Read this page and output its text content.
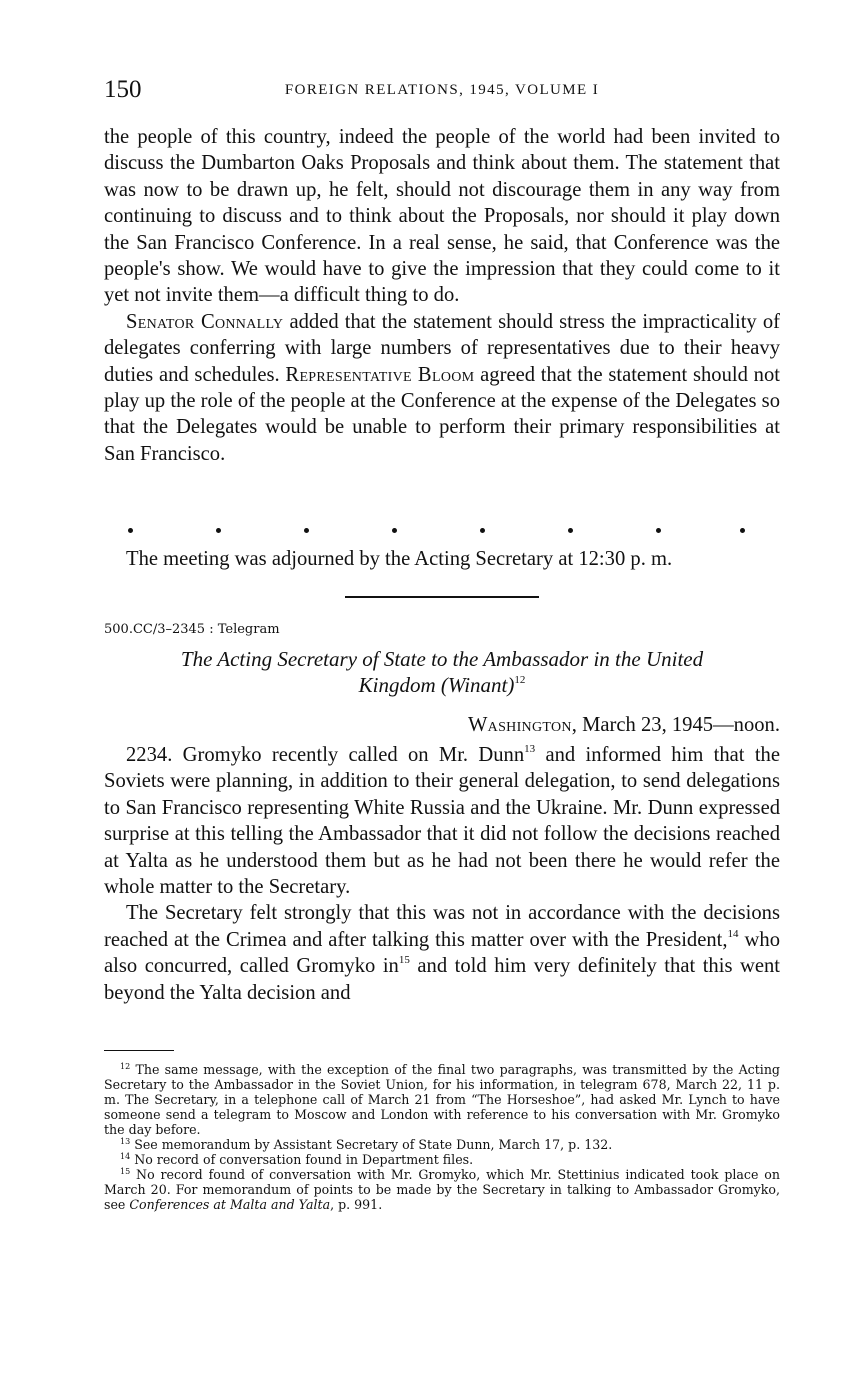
150	FOREIGN RELATIONS, 1945, VOLUME I

the people of this country, indeed the people of the world had been invited to discuss the Dumbarton Oaks Proposals and think about them. The statement that was now to be drawn up, he felt, should not discourage them in any way from continuing to discuss and to think about the Proposals, nor should it play down the San Francisco Conference. In a real sense, he said, that Conference was the people's show. We would have to give the impression that they could come to it yet not invite them—a difficult thing to do.

Senator Connally added that the statement should stress the impracticality of delegates conferring with large numbers of representatives due to their heavy duties and schedules. Representative Bloom agreed that the statement should not play up the role of the people at the Conference at the expense of the Delegates so that the Delegates would be unable to perform their primary responsibilities at San Francisco.

The meeting was adjourned by the Acting Secretary at 12:30 p. m.
500.CC/3–2345 : Telegram
The Acting Secretary of State to the Ambassador in the United
Kingdom (Winant)$^{12}$
Washington, March 23, 1945—noon.

2234. Gromyko recently called on Mr. Dunn$^{13}$ and informed him that the Soviets were planning, in addition to their general delegation, to send delegations to San Francisco representing White Russia and the Ukraine. Mr. Dunn expressed surprise at this telling the Ambassador that it did not follow the decisions reached at Yalta as he understood them but as he had not been there he would refer the whole matter to the Secretary.

The Secretary felt strongly that this was not in accordance with the decisions reached at the Crimea and after talking this matter over with the President,$^{14}$ who also concurred, called Gromyko $in^{15}$ and told him very definitely that this went beyond the Yalta decision and

$^{12}$ The same message, with the exception of the final two paragraphs, was transmitted by the Acting Secretary to the Ambassador in the Soviet Union, for his information, in telegram 678, March 22, 11 p. m. The Secretary, in a telephone call of March 21 from “The Horseshoe”, had asked Mr. Lynch to have someone send a telegram to Moscow and London with reference to his conversation with Mr. Gromyko the day before.

$^{13}$ See memorandum by Assistant Secretary of State Dunn, March 17, p. 132.

$^{14}$ No record of conversation found in Department files.

$^{15}$ No record found of conversation with Mr. Gromyko, which Mr. Stettinius indicated took place on March 20. For memorandum of points to be made by the Secretary in talking to Ambassador Gromyko, see Conferences at Malta and Yalta, p. 991.
